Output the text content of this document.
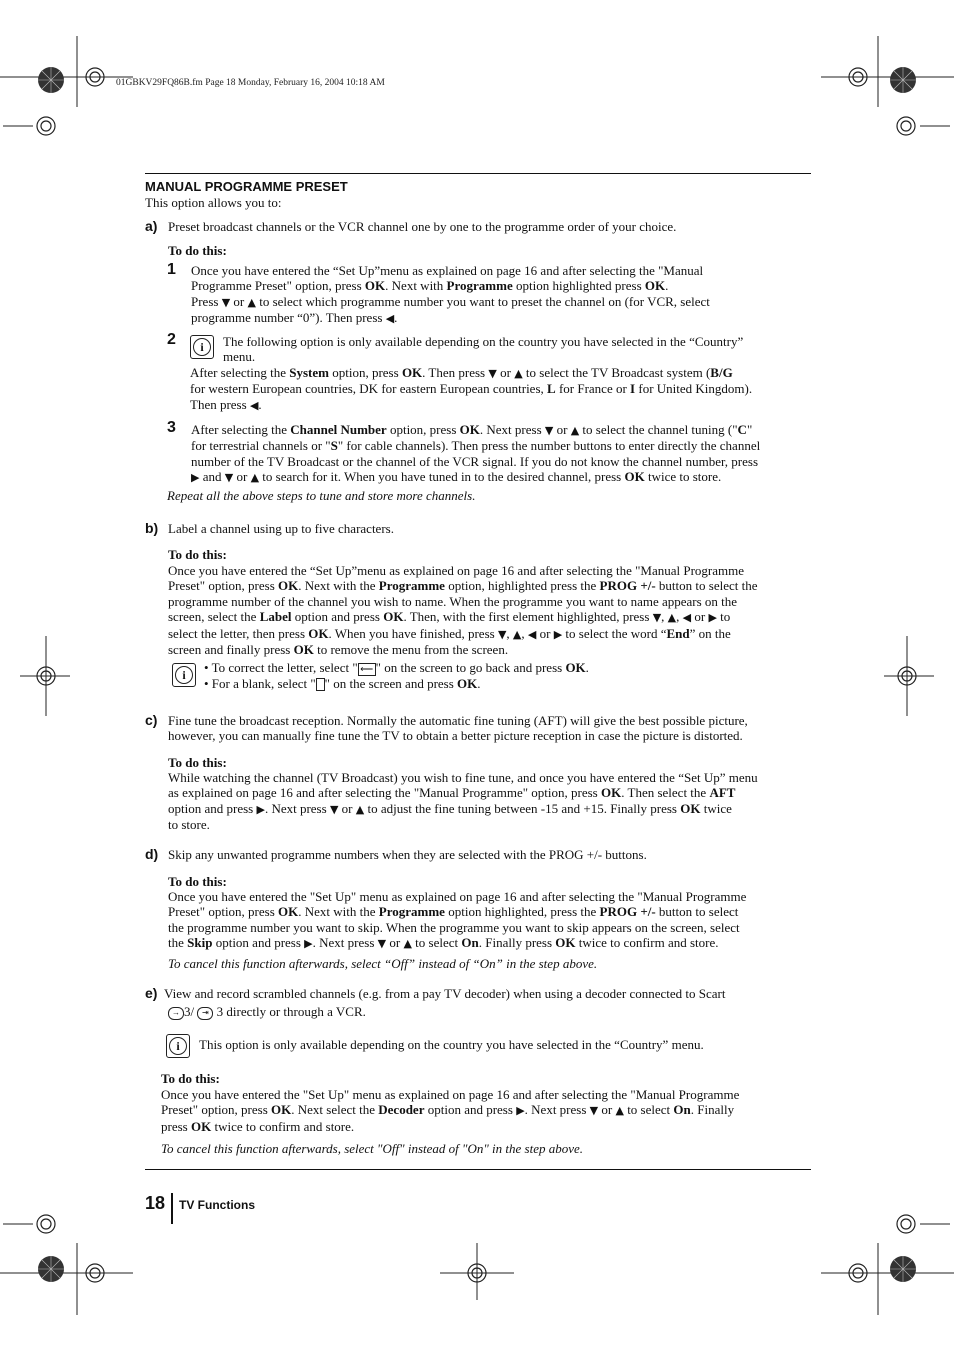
01GBKV29FQ86B.fm Page 18 Monday, February 16, 2004 10:18 AM
MANUAL PROGRAMME PRESET
This option allows you to:
a) Preset broadcast channels or the VCR channel one by one to the programme order of your choice.
To do this:
1 Once you have entered the “Set Up”menu as explained on page 16 and after selecting the "Manual
Programme Preset" option, press OK. Next with Programme option highlighted press OK.
Press ▼ or ▲ to select which programme number you want to preset the channel on (for VCR, select
programme number “0”). Then press ◀.
2	i	The following option is only available depending on the country you have selected in the “Country”
menu.
After selecting the System option, press OK. Then press ▼ or ▲ to select the TV Broadcast system (B/G
for western European countries, DK for eastern European countries, L for France or I for United Kingdom).
Then press ◀.
3 After selecting the Channel Number option, press OK. Next press ▼ or ▲ to select the channel tuning ("C"
for terrestrial channels or "S" for cable channels). Then press the number buttons to enter directly the channel
number of the TV Broadcast or the channel of the VCR signal. If you do not know the channel number, press
▶ and ▼ or ▲ to search for it. When you have tuned in to the desired channel, press OK twice to store.
Repeat all the above steps to tune and store more channels.
b) Label a channel using up to five characters.
To do this:
Once you have entered the “Set Up”menu as explained on page 16 and after selecting the "Manual Programme
Preset" option, press OK. Next with the Programme option, highlighted press the PROG +/- button to select the
programme number of the channel you wish to name. When the programme you want to name appears on the
screen, select the Label option and press OK. Then, with the first element highlighted, press ▼, ▲, ◀ or ▶ to
select the letter, then press OK. When you have finished, press ▼, ▲, ◀ or ▶ to select the word “End” on the
screen and finally press OK to remove the menu from the screen.
i	• To correct the letter, select " ⟵ " on the screen to go back and press OK.
• For a blank, select " " on the screen and press OK.
c) Fine tune the broadcast reception. Normally the automatic fine tuning (AFT) will give the best possible picture,
however, you can manually fine tune the TV to obtain a better picture reception in case the picture is distorted.
To do this:
While watching the channel (TV Broadcast) you wish to fine tune, and once you have entered the “Set Up” menu
as explained on page 16 and after selecting the "Manual Programme" option, press OK. Then select the AFT
option and press ▶. Next press ▼ or ▲ to adjust the fine tuning between -15 and +15. Finally press OK twice
to store.
d) Skip any unwanted programme numbers when they are selected with the PROG +/- buttons.
To do this:
Once you have entered the "Set Up" menu as explained on page 16 and after selecting the "Manual Programme
Preset" option, press OK. Next with the Programme option highlighted, press the PROG +/- button to select
the programme number you want to skip. When the programme you want to skip appears on the screen, select
the Skip option and press ▶. Next press ▼ or ▲ to select On. Finally press OK twice to confirm and store.
To cancel this function afterwards, select “Off” instead of “On” in the step above.
e) View and record scrambled channels (e.g. from a pay TV decoder) when using a decoder connected to Scart
→ 3/ ⇥ 3 directly or through a VCR.
i	This option is only available depending on the country you have selected in the “Country” menu.
To do this:
Once you have entered the "Set Up" menu as explained on page 16 and after selecting the "Manual Programme
Preset" option, press OK. Next select the Decoder option and press ▶. Next press ▼ or ▲ to select On. Finally
press OK twice to confirm and store.
To cancel this function afterwards, select "Off" instead of "On" in the step above.
18 TV Functions
